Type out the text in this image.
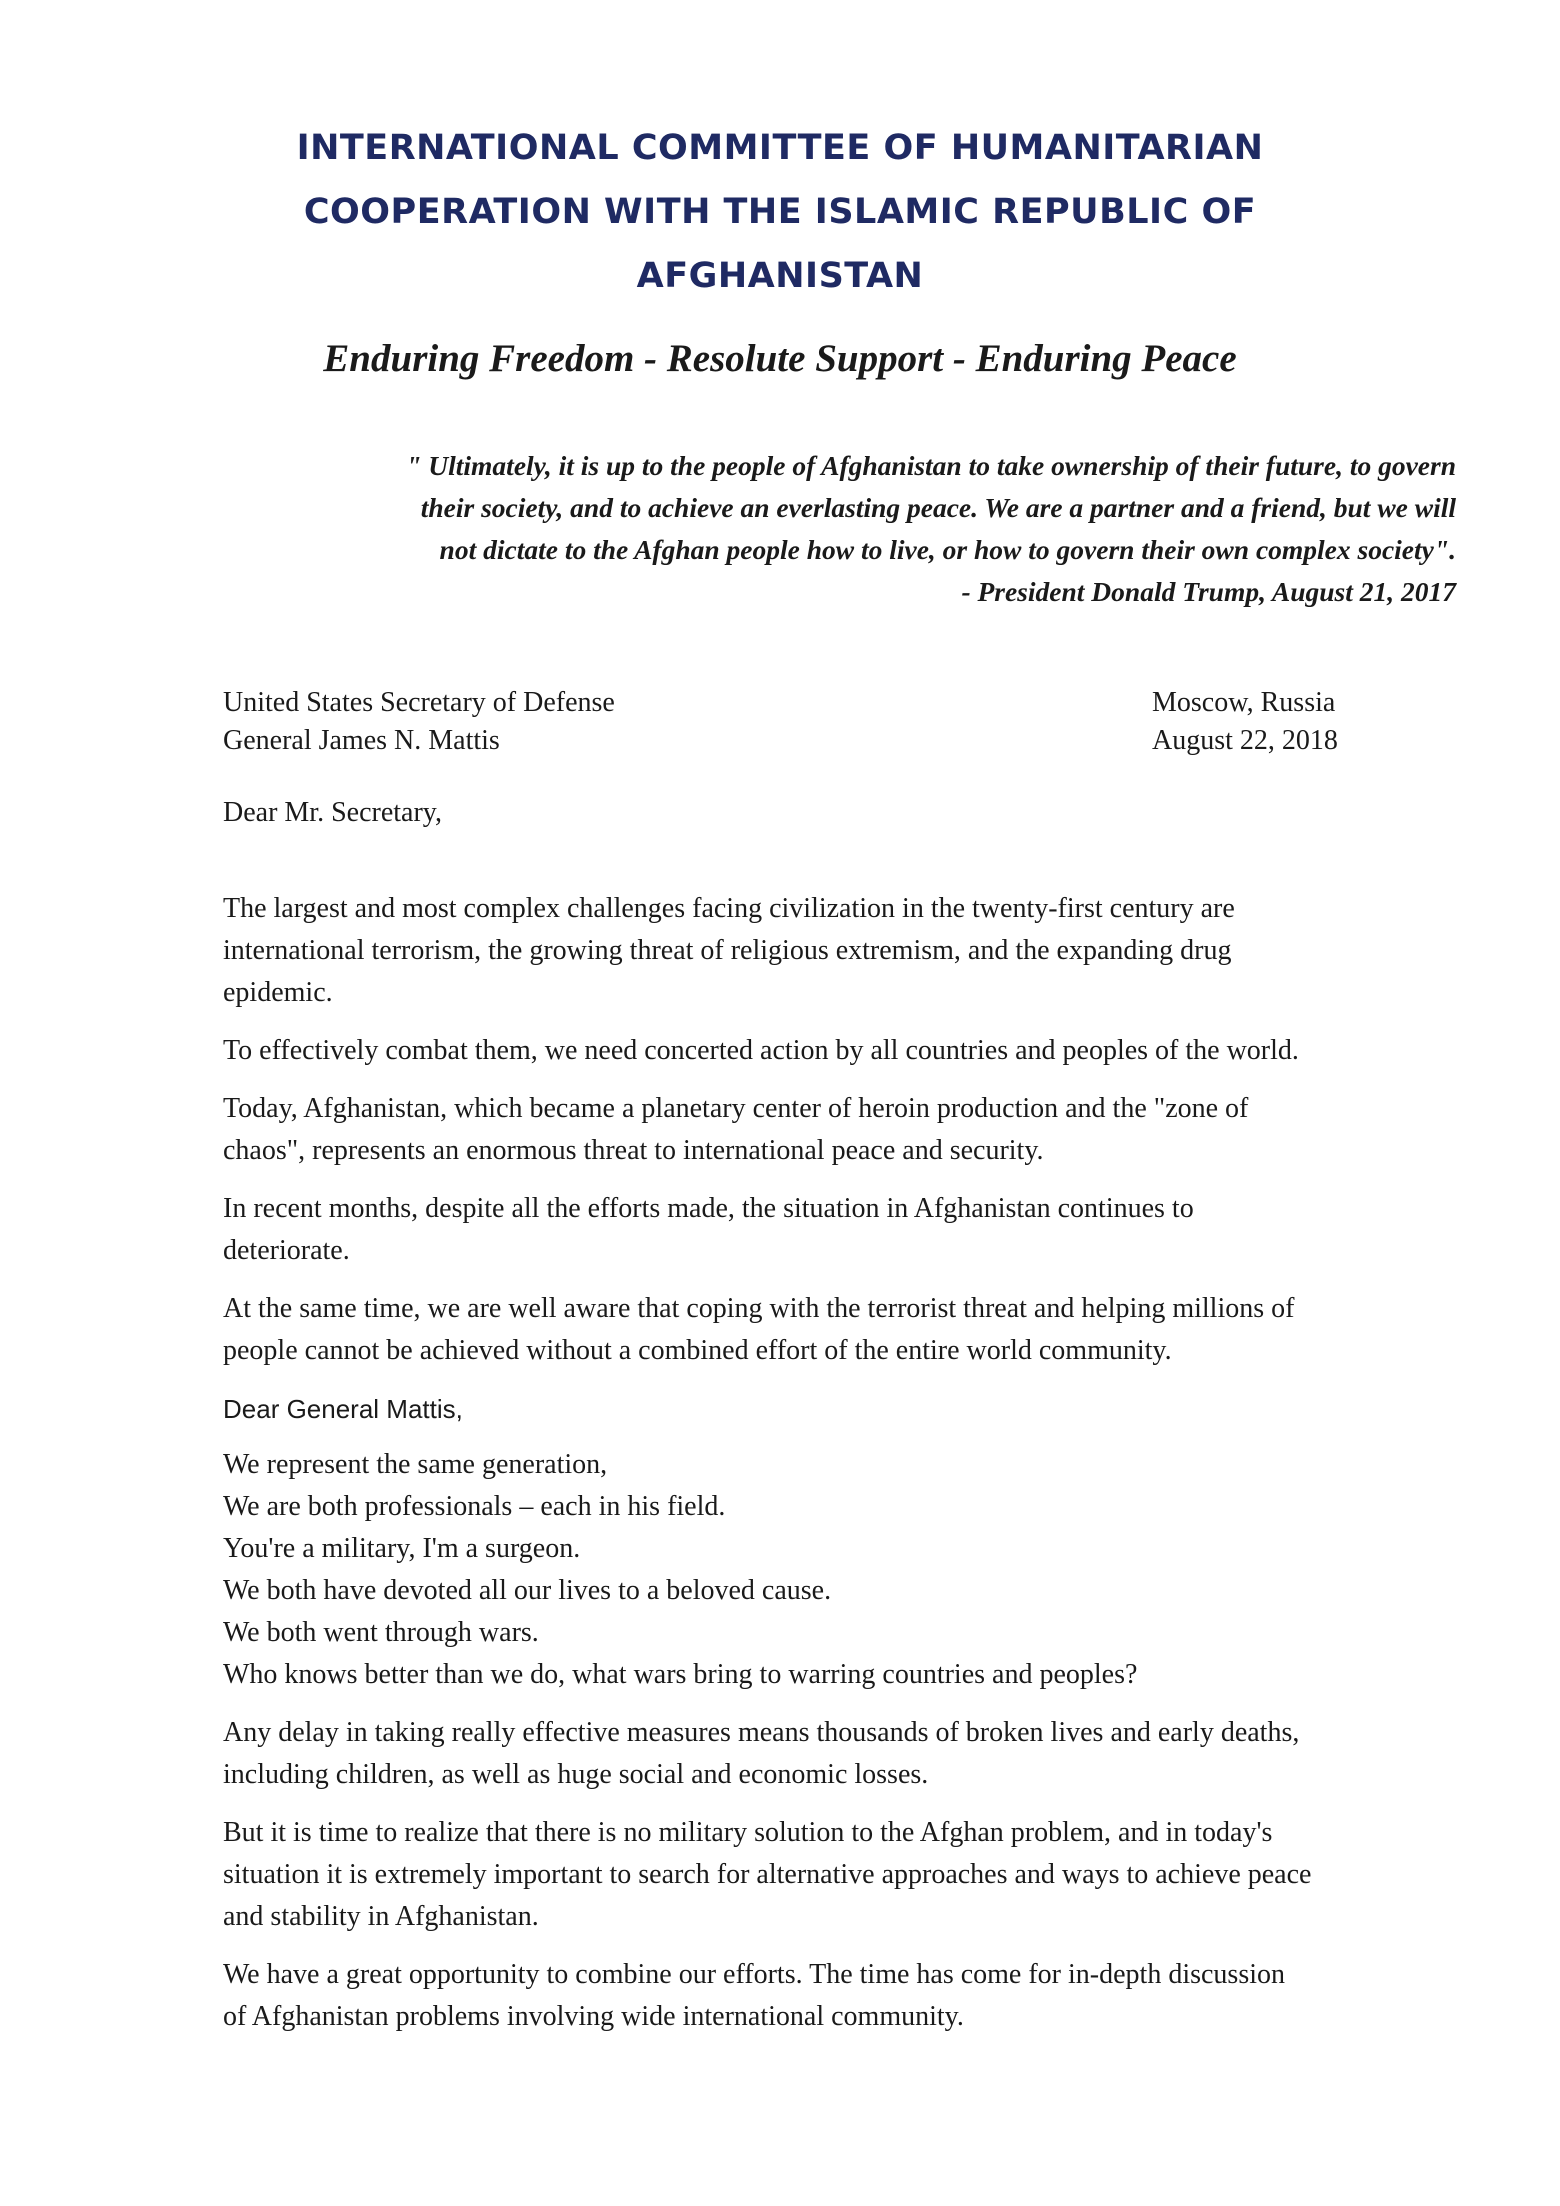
INTERNATIONAL COMMITTEE OF HUMANITARIAN
COOPERATION WITH THE ISLAMIC REPUBLIC OF
AFGHANISTAN
Enduring Freedom - Resolute Support - Enduring Peace
" Ultimately, it is up to the people of Afghanistan to take ownership of their future, to govern
their society, and to achieve an everlasting peace. We are a partner and a friend, but we will
not dictate to the Afghan people how to live, or how to govern their own complex society".
- President Donald Trump, August 21, 2017
United States Secretary of Defense
General James N. Mattis
Moscow, Russia
August 22, 2018
Dear Mr. Secretary,

The largest and most complex challenges facing civilization in the twenty-first century are
international terrorism, the growing threat of religious extremism, and the expanding drug
epidemic.

To effectively combat them, we need concerted action by all countries and peoples of the world.

Today, Afghanistan, which became a planetary center of heroin production and the "zone of
chaos", represents an enormous threat to international peace and security.

In recent months, despite all the efforts made, the situation in Afghanistan continues to
deteriorate.

At the same time, we are well aware that coping with the terrorist threat and helping millions of
people cannot be achieved without a combined effort of the entire world community.

Dear General Mattis,

We represent the same generation,
We are both professionals – each in his field.
You're a military, I'm a surgeon.
We both have devoted all our lives to a beloved cause.
We both went through wars.
Who knows better than we do, what wars bring to warring countries and peoples?

Any delay in taking really effective measures means thousands of broken lives and early deaths,
including children, as well as huge social and economic losses.

But it is time to realize that there is no military solution to the Afghan problem, and in today's
situation it is extremely important to search for alternative approaches and ways to achieve peace
and stability in Afghanistan.

We have a great opportunity to combine our efforts. The time has come for in-depth discussion
of Afghanistan problems involving wide international community.
